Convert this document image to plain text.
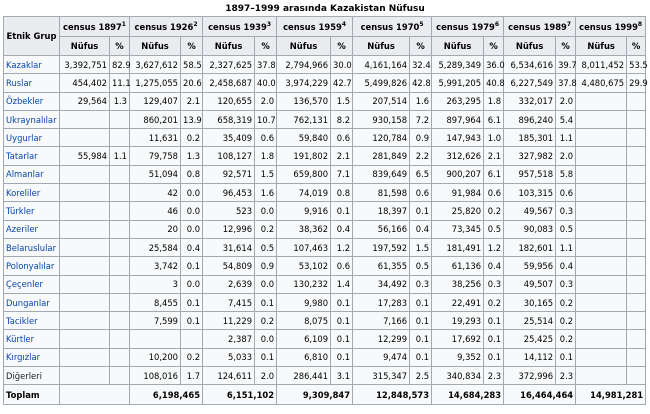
1897–1999 arasında Kazakistan Nüfusu
Etnik Grup	census 1897$^1$		census 1926$^2$		census 1939$^3$		census 1959$^4$		census 1970$^5$		census 1979$^6$		census 1989$^7$		census 1999$^8$
	Nüfus	%	Nüfus	%	Nüfus	%	Nüfus	%	Nüfus	%	Nüfus	%	Nüfus	%	Nüfus	%
Kazaklar	3,392,751	82.9	3,627,612	58.5	2,327,625	37.8	2,794,966	30.0	4,161,164	32.4	5,289,349	36.0	6,534,616	39.7	8,011,452	53.5
Ruslar	454,402	11.1	1,275,055	20.6	2,458,687	40.0	3,974,229	42.7	5,499,826	42.8	5,991,205	40.8	6,227,549	37.8	4,480,675	29.9
Özbekler	29,564	1.3	129,407	2.1	120,655	2.0	136,570	1.5	207,514	1.6	263,295	1.8	332,017	2.0		
Ukraynalılar			860,201	13.9	658,319	10.7	762,131	8.2	930,158	7.2	897,964	6.1	896,240	5.4		
Uygurlar			11,631	0.2	35,409	0.6	59,840	0.6	120,784	0.9	147,943	1.0	185,301	1.1		
Tatarlar	55,984	1.1	79,758	1.3	108,127	1.8	191,802	2.1	281,849	2.2	312,626	2.1	327,982	2.0		
Almanlar			51,094	0.8	92,571	1.5	659,800	7.1	839,649	6.5	900,207	6.1	957,518	5.8		
Koreliler			42	0.0	96,453	1.6	74,019	0.8	81,598	0.6	91,984	0.6	103,315	0.6		
Türkler			46	0.0	523	0.0	9,916	0.1	18,397	0.1	25,820	0.2	49,567	0.3		
Azeriler			20	0.0	12,996	0.2	38,362	0.4	56,166	0.4	73,345	0.5	90,083	0.5		
Belaruslular			25,584	0.4	31,614	0.5	107,463	1.2	197,592	1.5	181,491	1.2	182,601	1.1		
Polonyalılar			3,742	0.1	54,809	0.9	53,102	0.6	61,355	0.5	61,136	0.4	59,956	0.4		
Çeçenler			3	0.0	2,639	0.0	130,232	1.4	34,492	0.3	38,256	0.3	49,507	0.3		
Dunganlar			8,455	0.1	7,415	0.1	9,980	0.1	17,283	0.1	22,491	0.2	30,165	0.2		
Tacikler			7,599	0.1	11,229	0.2	8,075	0.1	7,166	0.1	19,293	0.1	25,514	0.2		
Kürtler					2,387	0.0	6,109	0.1	12,299	0.1	17,692	0.1	25,425	0.2		
Kırgızlar			10,200	0.2	5,033	0.1	6,810	0.1	9,474	0.1	9,352	0.1	14,112	0.1		
Diğerleri			108,016	1.7	124,611	2.0	286,441	3.1	315,347	2.5	340,834	2.3	372,996	2.3		
Toplam			6,198,465		6,151,102		9,309,847		12,848,573		14,684,283		16,464,464		14,981,281	
